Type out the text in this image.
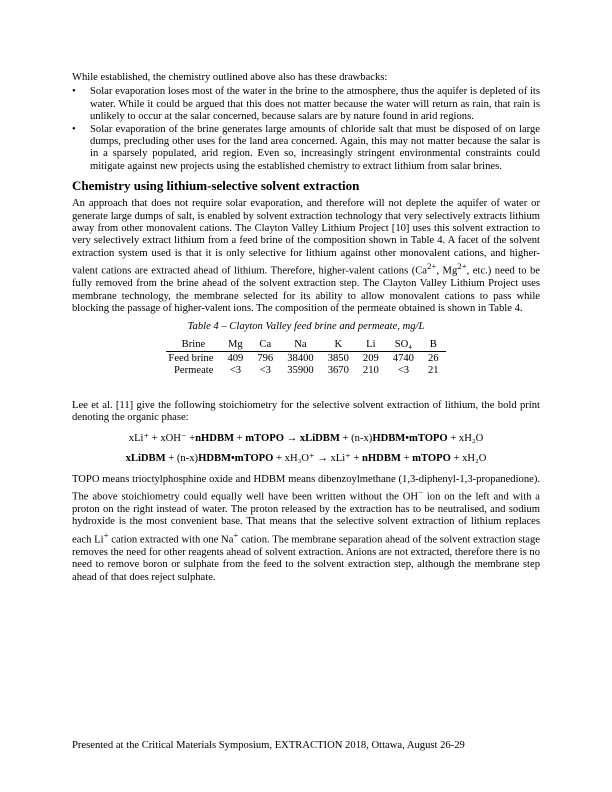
While established, the chemistry outlined above also has these drawbacks:

•	Solar evaporation loses most of the water in the brine to the atmosphere, thus the aquifer is depleted of its water. While it could be argued that this does not matter because the water will return as rain, that rain is unlikely to occur at the salar concerned, because salars are by nature found in arid regions.
•	Solar evaporation of the brine generates large amounts of chloride salt that must be disposed of on large dumps, precluding other uses for the land area concerned. Again, this may not matter because the salar is in a sparsely populated, arid region. Even so, increasingly stringent environmental constraints could mitigate against new projects using the established chemistry to extract lithium from salar brines.
Chemistry using lithium-selective solvent extraction

An approach that does not require solar evaporation, and therefore will not deplete the aquifer of water or generate large dumps of salt, is enabled by solvent extraction technology that very selectively extracts lithium away from other monovalent cations. The Clayton Valley Lithium Project [10] uses this solvent extraction to very selectively extract lithium from a feed brine of the composition shown in Table 4. A facet of the solvent extraction system used is that it is only selective for lithium against other monovalent cations, and higher-valent cations are extracted ahead of lithium. Therefore, higher-valent cations ($Ca^{2+}$, $Mg^{2+}$, etc.) need to be fully removed from the brine ahead of the solvent extraction step. The Clayton Valley Lithium Project uses membrane technology, the membrane selected for its ability to allow monovalent cations to pass while blocking the passage of higher-valent ions. The composition of the permeate obtained is shown in Table 4.

Table 4 – Clayton Valley feed brine and permeate, mg/L
Brine	Mg	Ca	Na	K	Li	SO₄	B
Feed brine	409	796	38400	3850	209	4740	26
Permeate	<3	<3	35900	3670	210	<3	21

Lee et al. [11] give the following stoichiometry for the selective solvent extraction of lithium, the bold print denoting the organic phase:

xLi⁺ + xOH⁻ +nHDBM + mTOPO → xLiDBM + (n-x)HDBM•mTOPO + xH₂O
xLiDBM + (n-x)HDBM•mTOPO + xH₃O⁺ → xLi⁺ + nHDBM + mTOPO + xH₂O

TOPO means trioctylphosphine oxide and HDBM means dibenzoylmethane (1,3-diphenyl-1,3-propanedione). The above stoichiometry could equally well have been written without the OH− ion on the left and with a proton on the right instead of water. The proton released by the extraction has to be neutralised, and sodium hydroxide is the most convenient base. That means that the selective solvent extraction of lithium replaces each Li+ cation extracted with one Na+ cation. The membrane separation ahead of the solvent extraction stage removes the need for other reagents ahead of solvent extraction. Anions are not extracted, therefore there is no need to remove boron or sulphate from the feed to the solvent extraction step, although the membrane step ahead of that does reject sulphate.

Presented at the Critical Materials Symposium, EXTRACTION 2018, Ottawa, August 26-29
